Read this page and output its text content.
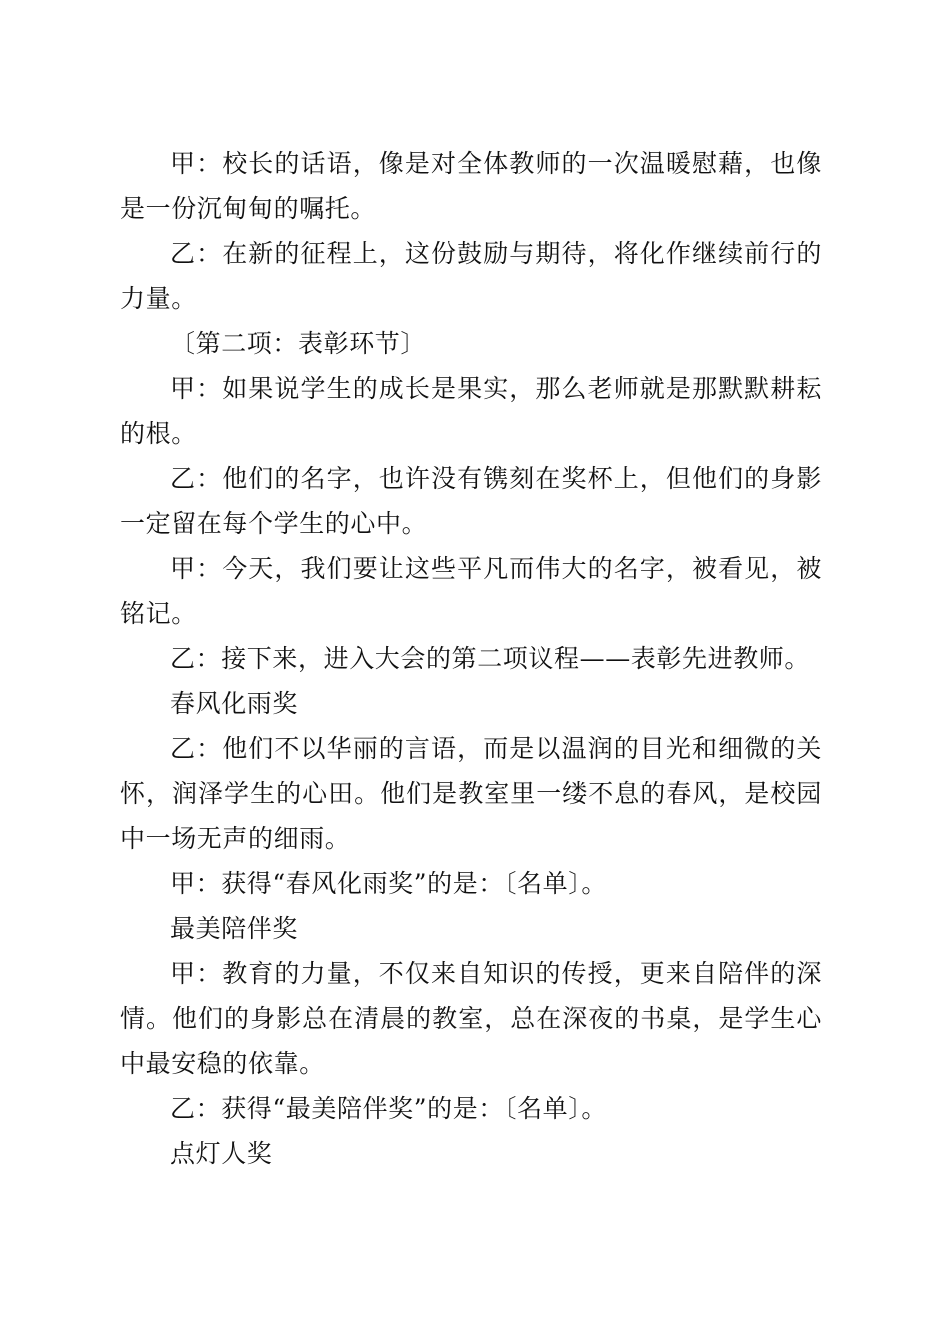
甲：校长的话语，像是对全体教师的一次温暖慰藉，也像是一份沉甸甸的嘱托。

乙：在新的征程上，这份鼓励与期待，将化作继续前行的力量。

〔第二项：表彰环节〕

甲：如果说学生的成长是果实，那么老师就是那默默耕耘的根。

乙：他们的名字，也许没有镌刻在奖杯上，但他们的身影一定留在每个学生的心中。

甲：今天，我们要让这些平凡而伟大的名字，被看见，被铭记。

乙：接下来，进入大会的第二项议程——表彰先进教师。

春风化雨奖

乙：他们不以华丽的言语，而是以温润的目光和细微的关怀，润泽学生的心田。他们是教室里一缕不息的春风，是校园中一场无声的细雨。

甲：获得“春风化雨奖”的是：〔名单〕。

最美陪伴奖

甲：教育的力量，不仅来自知识的传授，更来自陪伴的深情。他们的身影总在清晨的教室，总在深夜的书桌，是学生心中最安稳的依靠。

乙：获得“最美陪伴奖”的是：〔名单〕。

点灯人奖
